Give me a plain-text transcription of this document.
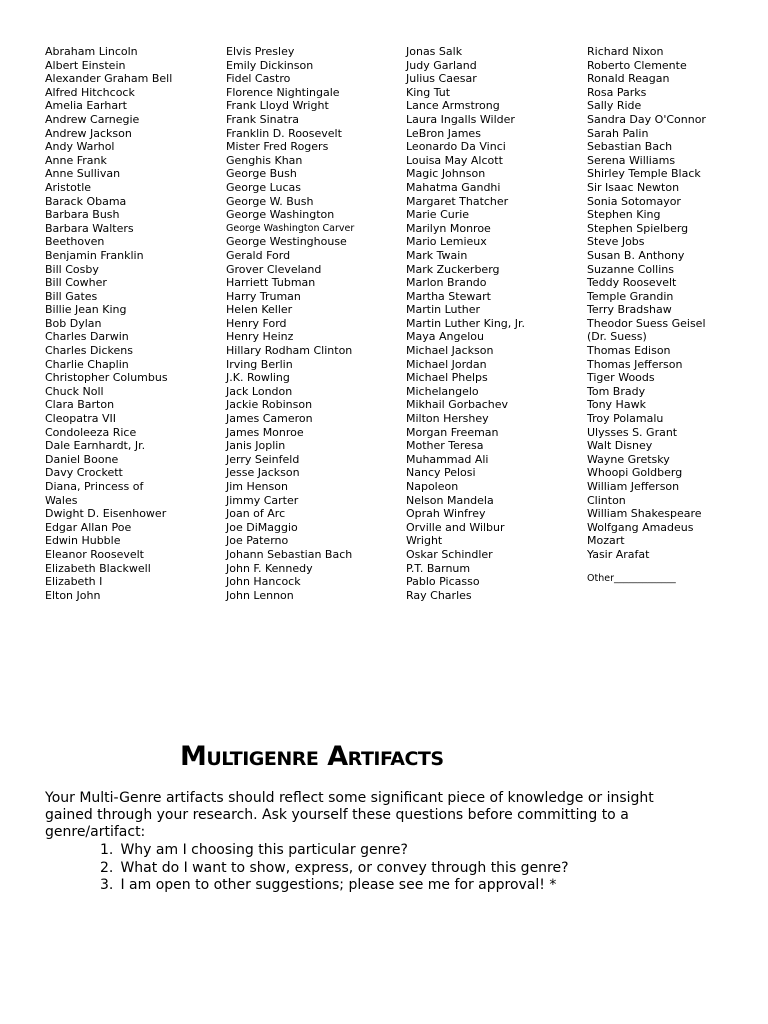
Abraham Lincoln
Albert Einstein
Alexander Graham Bell
Alfred Hitchcock
Amelia Earhart
Andrew Carnegie
Andrew Jackson
Andy Warhol
Anne Frank
Anne Sullivan
Aristotle
Barack Obama
Barbara Bush
Barbara Walters
Beethoven
Benjamin Franklin
Bill Cosby
Bill Cowher
Bill Gates
Billie Jean King
Bob Dylan
Charles Darwin
Charles Dickens
Charlie Chaplin
Christopher Columbus
Chuck Noll
Clara Barton
Cleopatra VII
Condoleeza Rice
Dale Earnhardt, Jr.
Daniel Boone
Davy Crockett
Diana, Princess of
Wales
Dwight D. Eisenhower
Edgar Allan Poe
Edwin Hubble
Eleanor Roosevelt
Elizabeth Blackwell
Elizabeth I
Elton John
Elvis Presley
Emily Dickinson
Fidel Castro
Florence Nightingale
Frank Lloyd Wright
Frank Sinatra
Franklin D. Roosevelt
Mister Fred Rogers
Genghis Khan
George Bush
George Lucas
George W. Bush
George Washington
George Washington Carver
George Westinghouse
Gerald Ford
Grover Cleveland
Harriett Tubman
Harry Truman
Helen Keller
Henry Ford
Henry Heinz
Hillary Rodham Clinton
Irving Berlin
J.K. Rowling
Jack London
Jackie Robinson
James Cameron
James Monroe
Janis Joplin
Jerry Seinfeld
Jesse Jackson
Jim Henson
Jimmy Carter
Joan of Arc
Joe DiMaggio
Joe Paterno
Johann Sebastian Bach
John F. Kennedy
John Hancock
John Lennon
Jonas Salk
Judy Garland
Julius Caesar
King Tut
Lance Armstrong
Laura Ingalls Wilder
LeBron James
Leonardo Da Vinci
Louisa May Alcott
Magic Johnson
Mahatma Gandhi
Margaret Thatcher
Marie Curie
Marilyn Monroe
Mario Lemieux
Mark Twain
Mark Zuckerberg
Marlon Brando
Martha Stewart
Martin Luther
Martin Luther King, Jr.
Maya Angelou
Michael Jackson
Michael Jordan
Michael Phelps
Michelangelo
Mikhail Gorbachev
Milton Hershey
Morgan Freeman
Mother Teresa
Muhammad Ali
Nancy Pelosi
Napoleon
Nelson Mandela
Oprah Winfrey
Orville and Wilbur
Wright
Oskar Schindler
P.T. Barnum
Pablo Picasso
Ray Charles
Richard Nixon
Roberto Clemente
Ronald Reagan
Rosa Parks
Sally Ride
Sandra Day O'Connor
Sarah Palin
Sebastian Bach
Serena Williams
Shirley Temple Black
Sir Isaac Newton
Sonia Sotomayor
Stephen King
Stephen Spielberg
Steve Jobs
Susan B. Anthony
Suzanne Collins
Teddy Roosevelt
Temple Grandin
Terry Bradshaw
Theodor Suess Geisel
(Dr. Suess)
Thomas Edison
Thomas Jefferson
Tiger Woods
Tom Brady
Tony Hawk
Troy Polamalu
Ulysses S. Grant
Walt Disney
Wayne Gretsky
Whoopi Goldberg
William Jefferson
Clinton
William Shakespeare
Wolfgang Amadeus
Mozart
Yasir Arafat
Other_____________
Multigenre Artifacts

Your Multi-Genre artifacts should reflect some significant piece of knowledge or insight gained through your research. Ask yourself these questions before committing to a genre/artifact:

1. Why am I choosing this particular genre?
2. What do I want to show, express, or convey through this genre?
3. I am open to other suggestions; please see me for approval! *
